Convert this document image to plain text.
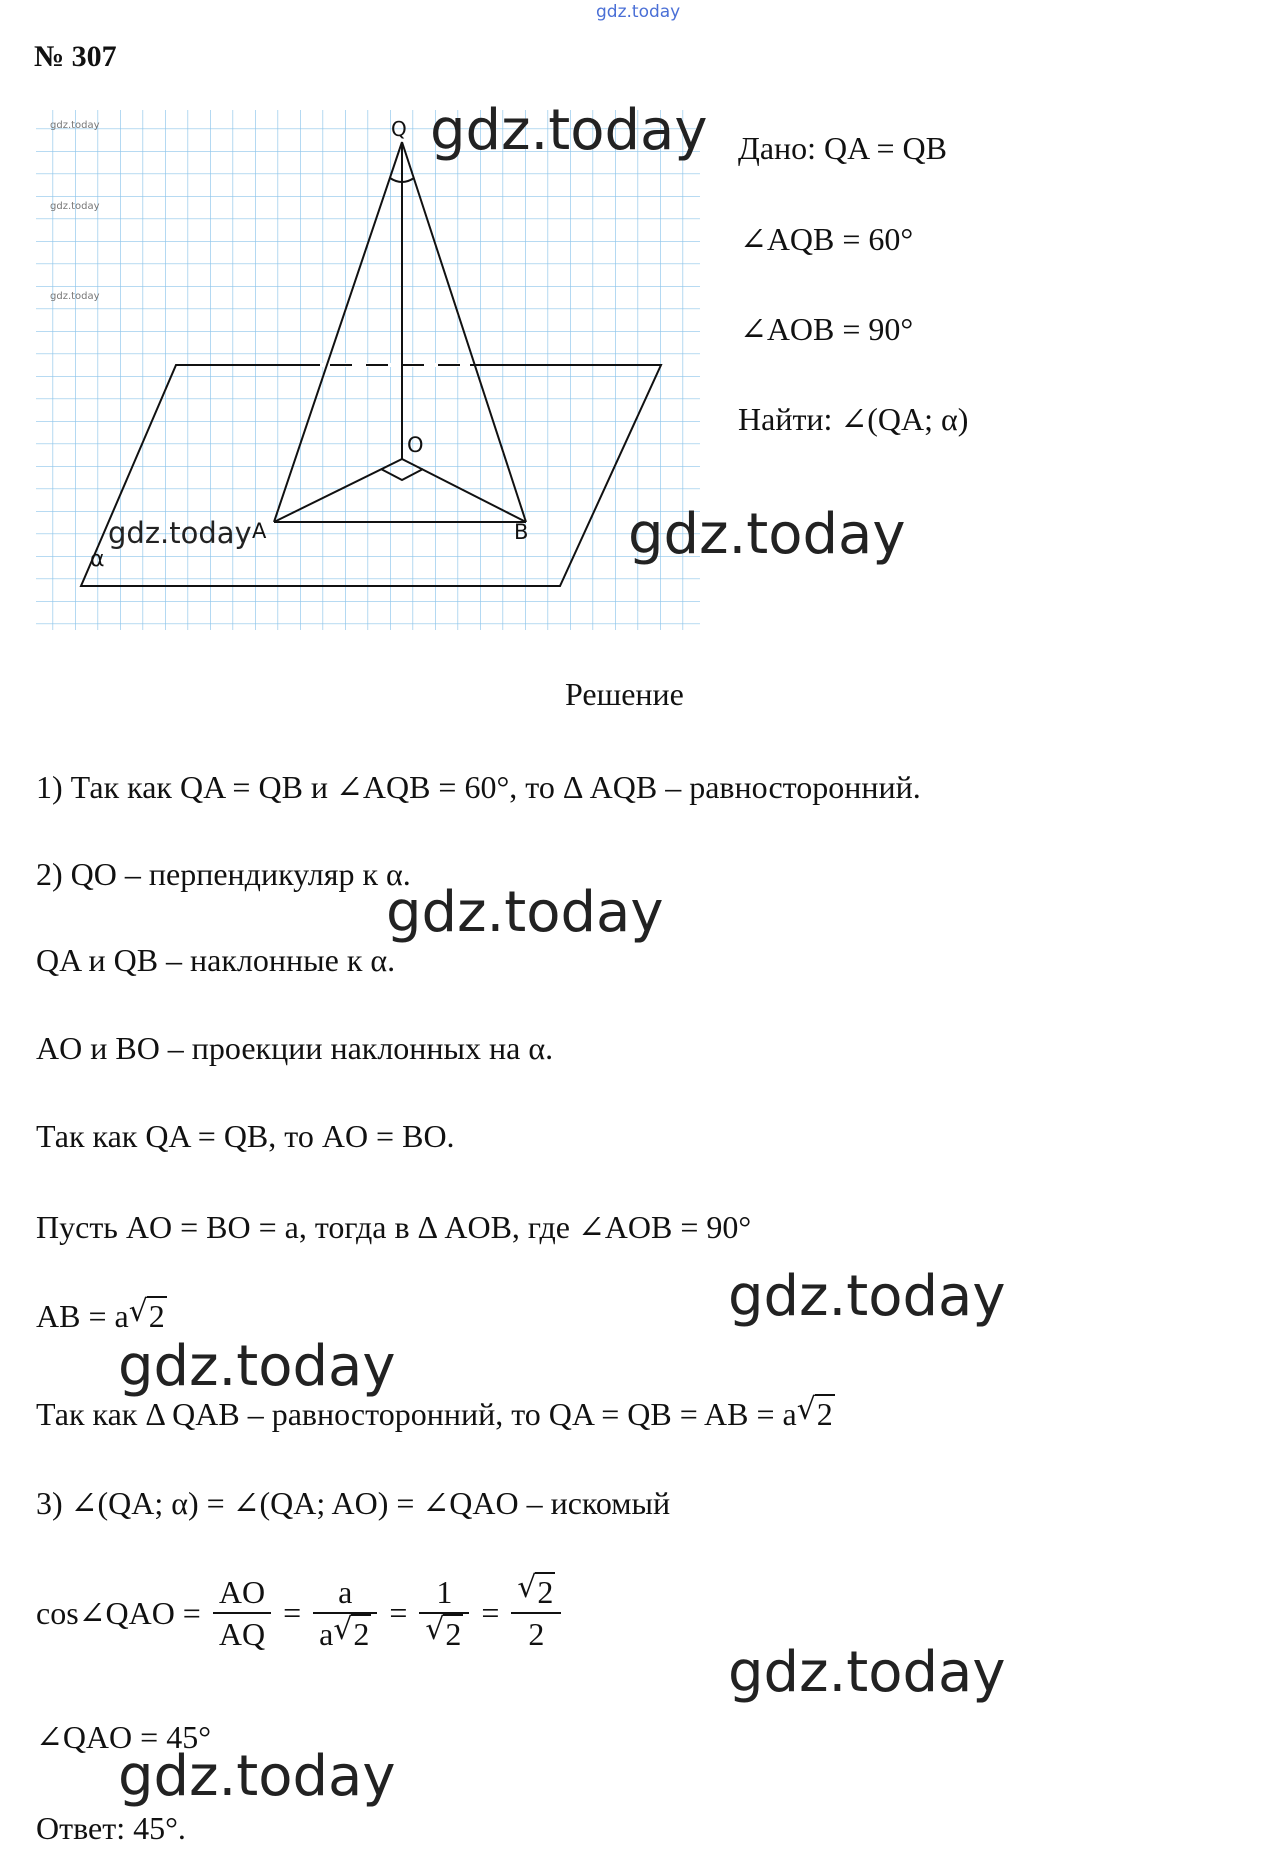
gdz.today
№ 307
Q
O
A	B
α
gdz.today
gdz.today
gdz.today
gdz.today
Дано: QA = QB
∠AQB = 60°
∠AOB = 90°
Найти: ∠(QA; α)
Решение
1) Так как QA = QB и ∠AQB = 60°, то Δ AQB – равносторонний.
2) QO – перпендикуляр к α.
QA и QB – наклонные к α.
AO и BO – проекции наклонных на α.
Так как QA = QB, то AO = BO.
Пусть AO = BO = a, тогда в Δ AOB, где ∠AOB = 90°
AB = a √ 2
Так как Δ QAB – равносторонний, то QA = QB = AB = a √ 2
3) ∠(QA; α) = ∠(QA; AO) = ∠QAO – искомый
cos∠QAO = $\frac{AO}{AQ} = \frac{a}{a √ 2} = 1$
√ 2 = √ $\frac{2}{2}$
∠QAO = 45°
Ответ: 45°.
gdz.today
gdz.today
gdz.today
gdz.today
gdz.today
gdz.today
gdz.today
